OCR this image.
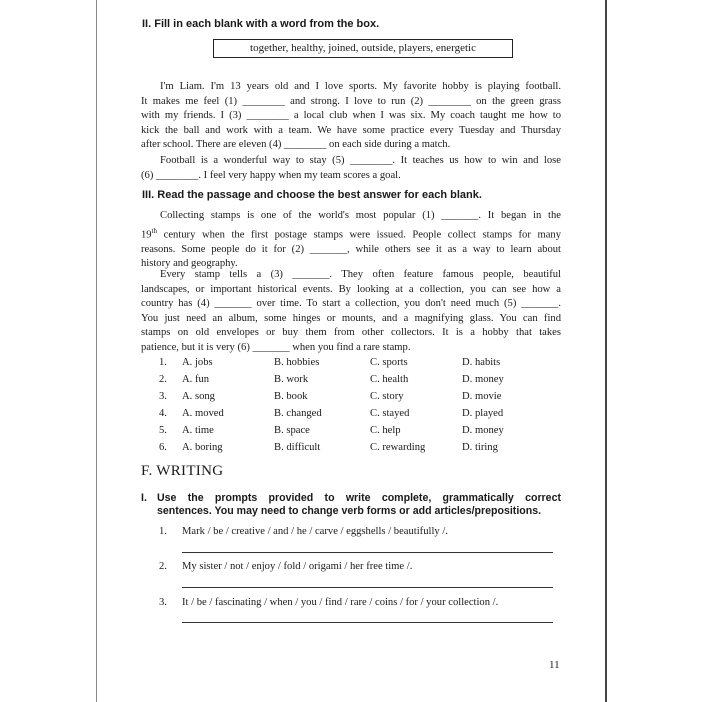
II. Fill in each blank with a word from the box.
together, healthy, joined, outside, players, energetic
I'm Liam. I'm 13 years old and I love sports. My favorite hobby is playing football.
It makes me feel (1) ________ and strong. I love to run (2) ________ on the green grass
with my friends. I (3) ________ a local club when I was six. My coach taught me how to
kick the ball and work with a team. We have some practice every Tuesday and Thursday
after school. There are eleven (4) ________ on each side during a match.
Football is a wonderful way to stay (5) ________. It teaches us how to win and lose
(6) ________. I feel very happy when my team scores a goal.
III. Read the passage and choose the best answer for each blank.
Collecting stamps is one of the world's most popular (1) _______. It began in the
19th century when the first postage stamps were issued. People collect stamps for many
reasons. Some people do it for (2) _______, while others see it as a way to learn about
history and geography.
Every stamp tells a (3) _______. They often feature famous people, beautiful
landscapes, or important historical events. By looking at a collection, you can see how a
country has (4) _______ over time. To start a collection, you don't need much (5) _______.
You just need an album, some hinges or mounts, and a magnifying glass. You can find
stamps on old envelopes or buy them from other collectors. It is a hobby that takes
patience, but it is very (6) _______ when you find a rare stamp.
1. A. jobs	B. hobbies	C. sports	D. habits
2. A. fun	B. work	C. health	D. money
3. A. song	B. book	C. story	D. movie
4. A. moved	B. changed	C. stayed	D. played
5. A. time	B. space	C. help	D. money
6. A. boring	B. difficult	C. rewarding	D. tiring
F. WRITING
I. Use the prompts provided to write complete, grammatically correct
sentences. You may need to change verb forms or add articles/prepositions.
1. Mark / be / creative / and / he / carve / eggshells / beautifully /.
2. My sister / not / enjoy / fold / origami / her free time /.
3. It / be / fascinating / when / you / find / rare / coins / for / your collection /.
11
